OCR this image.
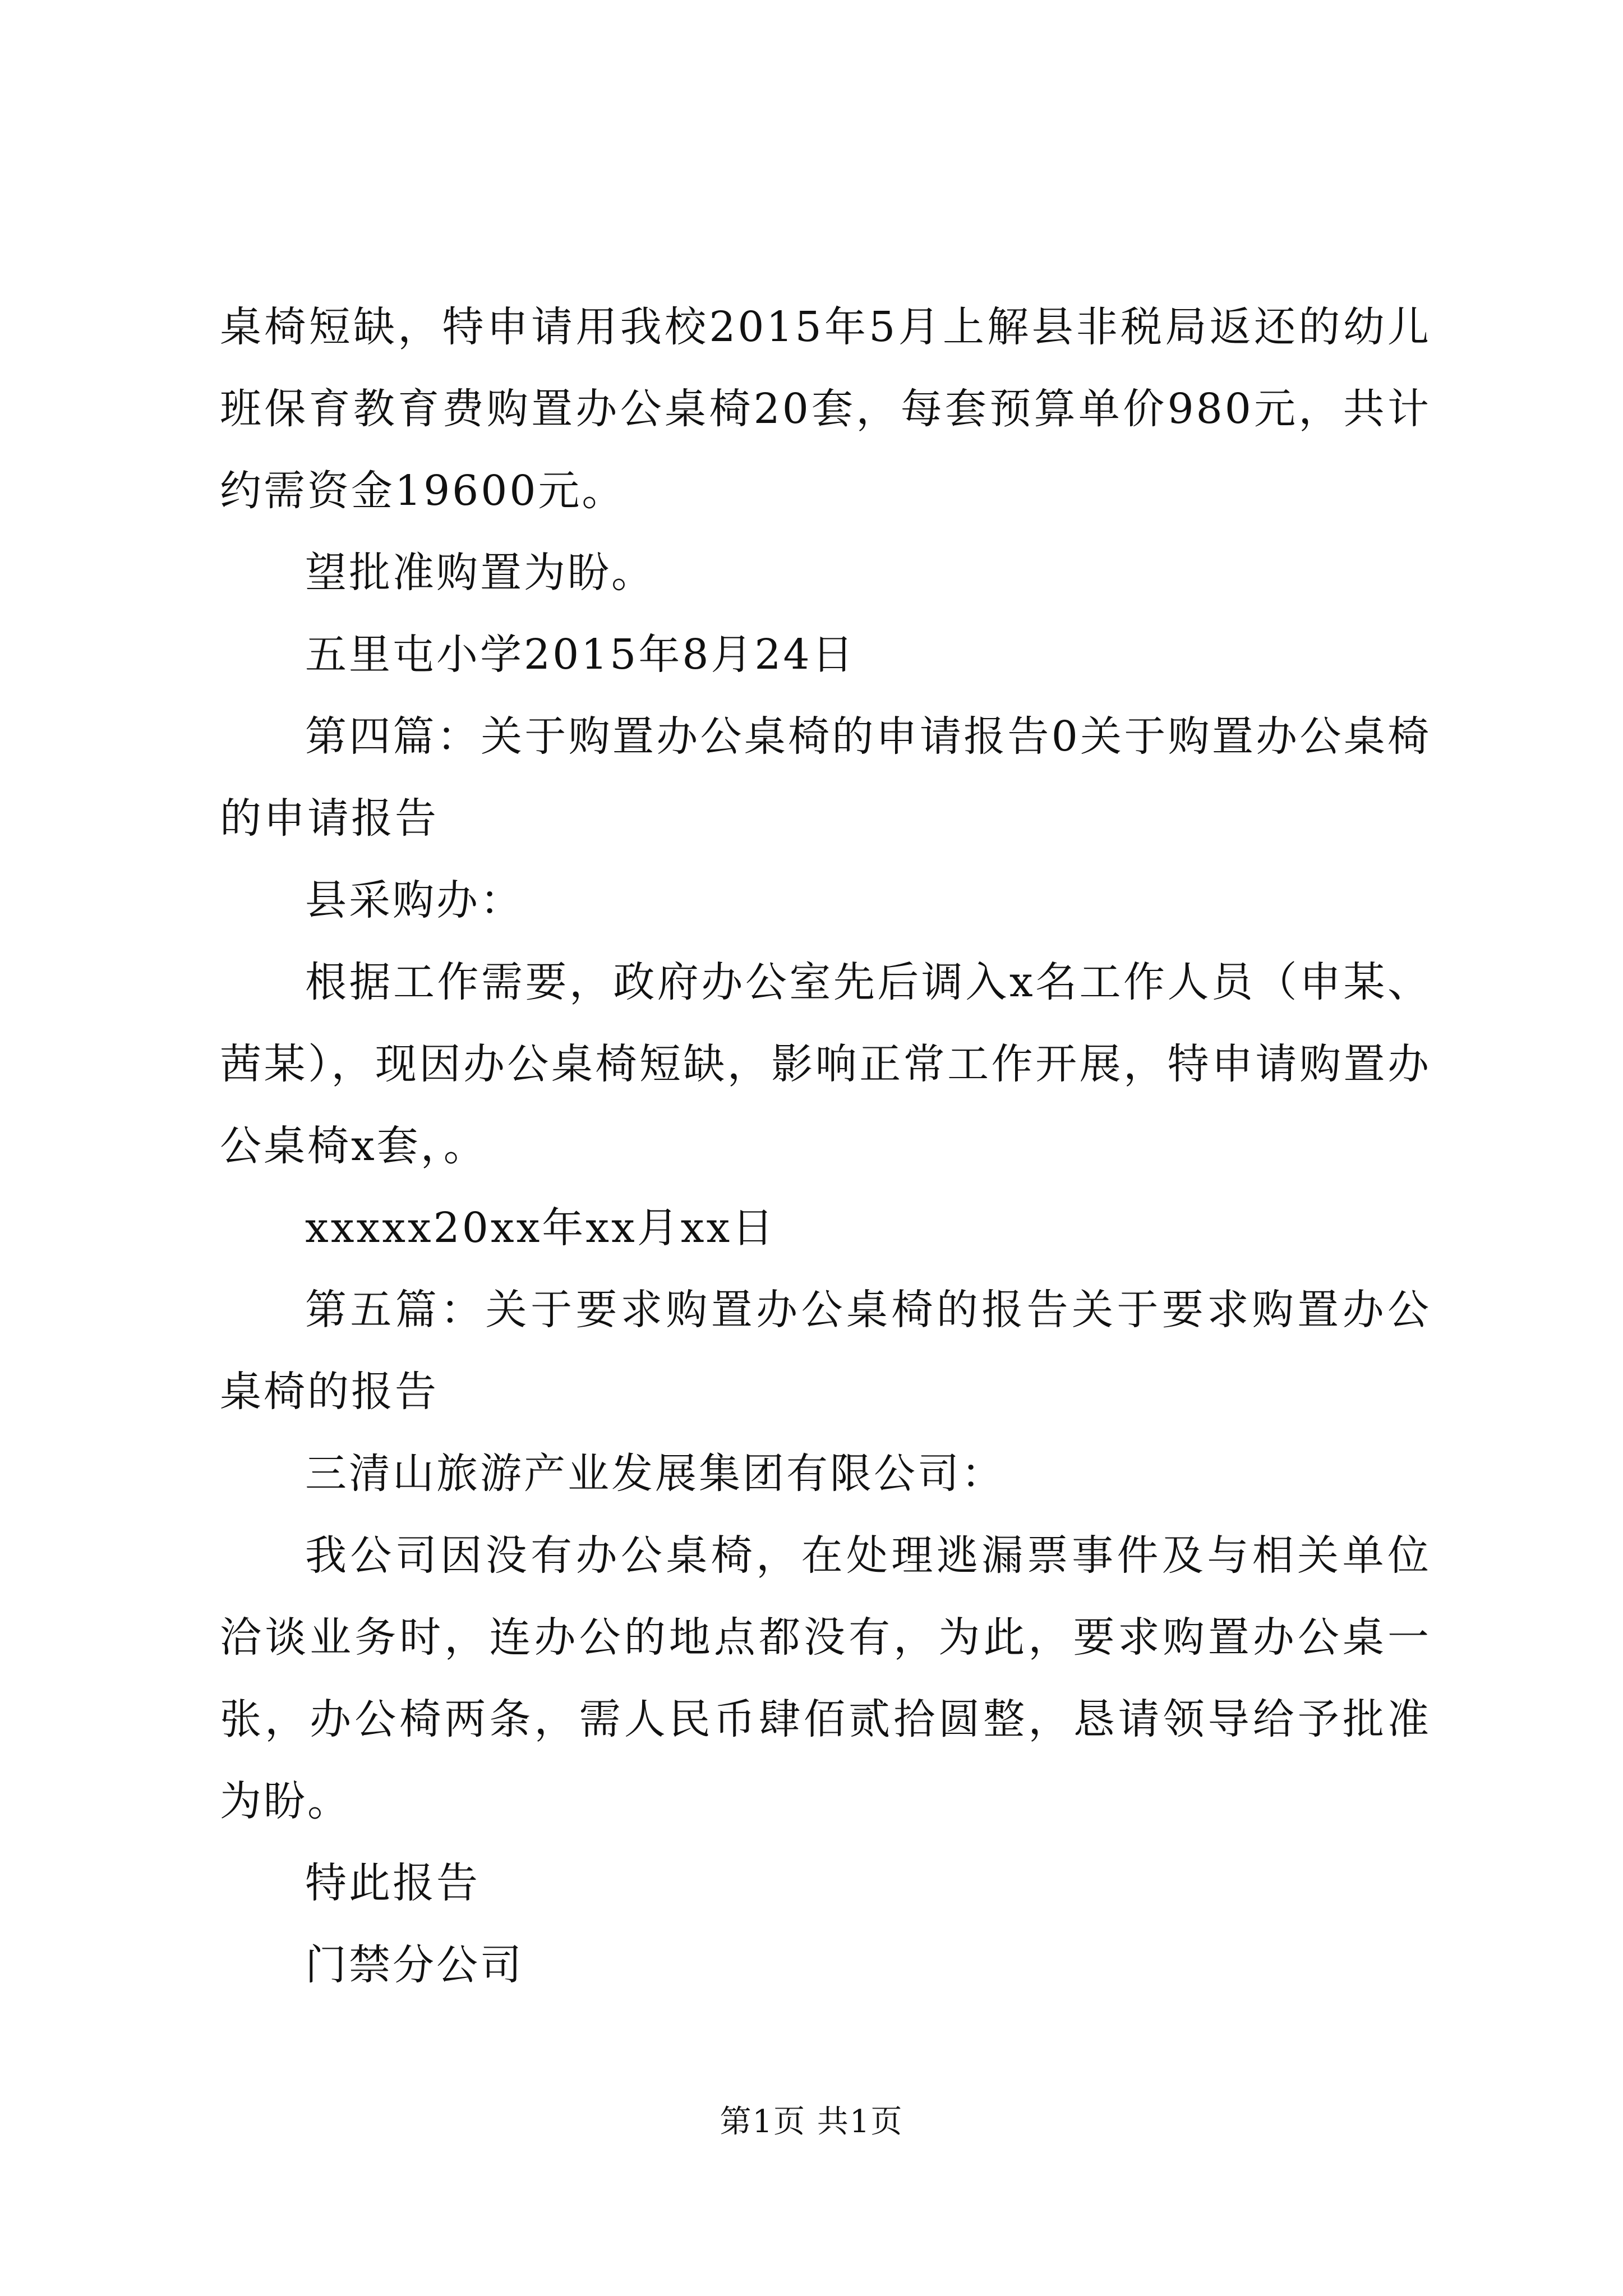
桌椅短缺，特申请用我校2015年5月上解县非税局返还的幼儿班保育教育费购置办公桌椅20套，每套预算单价980元，共计约需资金19600元。

望批准购置为盼。

五里屯小学2015年8月24日

第四篇：关于购置办公桌椅的申请报告0关于购置办公桌椅的申请报告

县采购办：

根据工作需要，政府办公室先后调入x名工作人员（申某、茜某），现因办公桌椅短缺，影响正常工作开展，特申请购置办公桌椅x套，。

xxxxx20xx年xx月xx日

第五篇：关于要求购置办公桌椅的报告关于要求购置办公桌椅的报告

三清山旅游产业发展集团有限公司：

我公司因没有办公桌椅，在处理逃漏票事件及与相关单位洽谈业务时，连办公的地点都没有，为此，要求购置办公桌一张，办公椅两条，需人民币肆佰贰拾圆整，恳请领导给予批准为盼。

特此报告

门禁分公司

第1页 共1页
